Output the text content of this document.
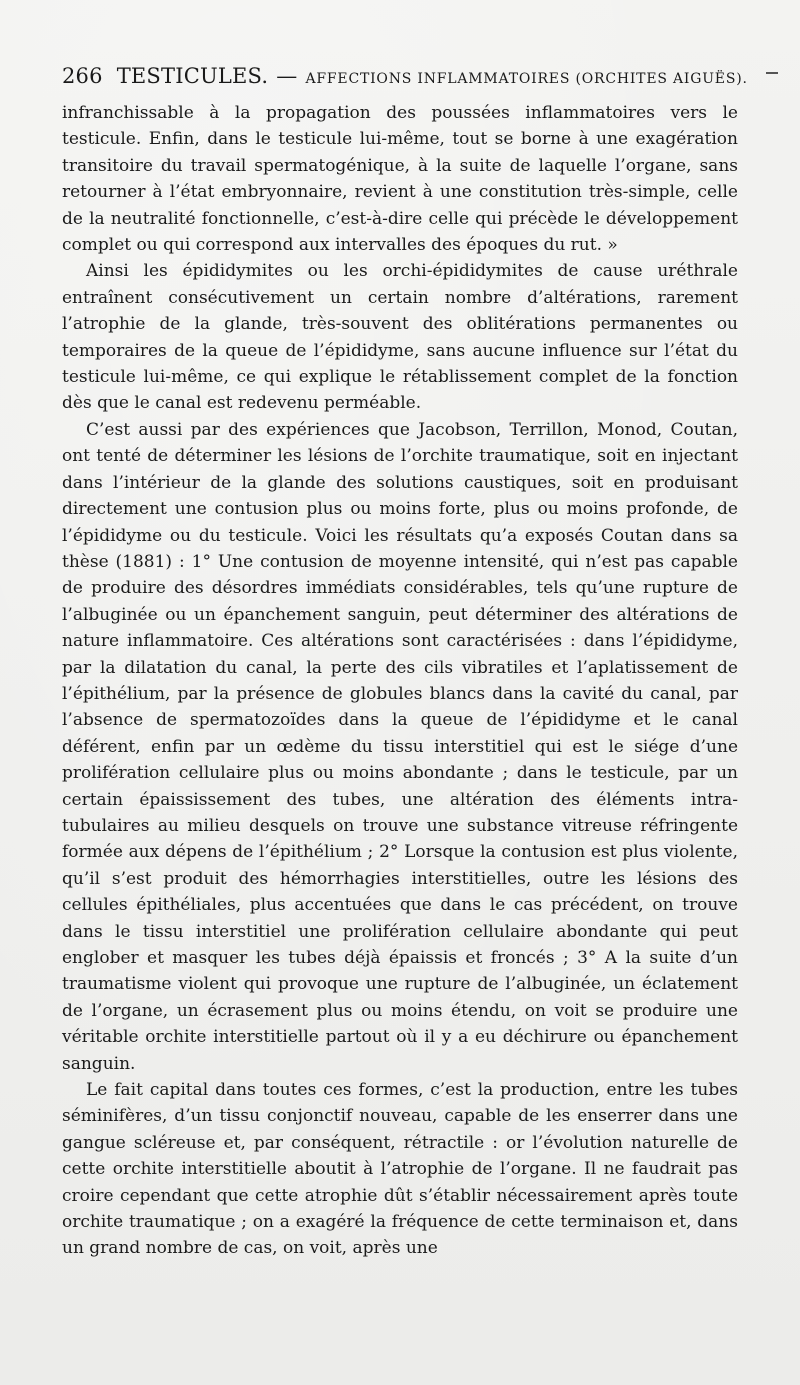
266 TESTICULES. — AFFECTIONS INFLAMMATOIRES (ORCHITES AIGUËS).

infranchissable à la propagation des poussées inflammatoires vers le testicule. Enfin, dans le testicule lui-même, tout se borne à une exagération transitoire du travail spermatogénique, à la suite de laquelle l’organe, sans retourner à l’état embryonnaire, revient à une constitution très-simple, celle de la neutralité fonctionnelle, c’est-à-dire celle qui précède le développement complet ou qui correspond aux intervalles des époques du rut. »

Ainsi les épididymites ou les orchi-épididymites de cause uréthrale entraînent consécutivement un certain nombre d’altérations, rarement l’atrophie de la glande, très-souvent des oblitérations permanentes ou temporaires de la queue de l’épididyme, sans aucune influence sur l’état du testicule lui-même, ce qui explique le rétablissement complet de la fonction dès que le canal est redevenu perméable.

C’est aussi par des expériences que Jacobson, Terrillon, Monod, Coutan, ont tenté de déterminer les lésions de l’orchite traumatique, soit en injectant dans l’intérieur de la glande des solutions caustiques, soit en produisant directement une contusion plus ou moins forte, plus ou moins profonde, de l’épididyme ou du testicule. Voici les résultats qu’a exposés Coutan dans sa thèse (1881) : 1° Une contusion de moyenne intensité, qui n’est pas capable de produire des désordres immédiats considérables, tels qu’une rupture de l’albuginée ou un épanchement sanguin, peut déterminer des altérations de nature inflammatoire. Ces altérations sont caractérisées : dans l’épididyme, par la dilatation du canal, la perte des cils vibratiles et l’aplatissement de l’épithélium, par la présence de globules blancs dans la cavité du canal, par l’absence de spermatozoïdes dans la queue de l’épididyme et le canal déférent, enfin par un œdème du tissu interstitiel qui est le siége d’une prolifération cellulaire plus ou moins abondante ; dans le testicule, par un certain épaississement des tubes, une altération des éléments intra-tubulaires au milieu desquels on trouve une substance vitreuse réfringente formée aux dépens de l’épithélium ; 2° Lorsque la contusion est plus violente, qu’il s’est produit des hémorrhagies interstitielles, outre les lésions des cellules épithéliales, plus accentuées que dans le cas précédent, on trouve dans le tissu interstitiel une prolifération cellulaire abondante qui peut englober et masquer les tubes déjà épaissis et froncés ; 3° A la suite d’un traumatisme violent qui provoque une rupture de l’albuginée, un éclatement de l’organe, un écrasement plus ou moins étendu, on voit se produire une véritable orchite interstitielle partout où il y a eu déchirure ou épanchement sanguin.

Le fait capital dans toutes ces formes, c’est la production, entre les tubes séminifères, d’un tissu conjonctif nouveau, capable de les enserrer dans une gangue scléreuse et, par conséquent, rétractile : or l’évolution naturelle de cette orchite interstitielle aboutit à l’atrophie de l’organe. Il ne faudrait pas croire cependant que cette atrophie dût s’établir nécessairement après toute orchite traumatique ; on a exagéré la fréquence de cette terminaison et, dans un grand nombre de cas, on voit, après une
